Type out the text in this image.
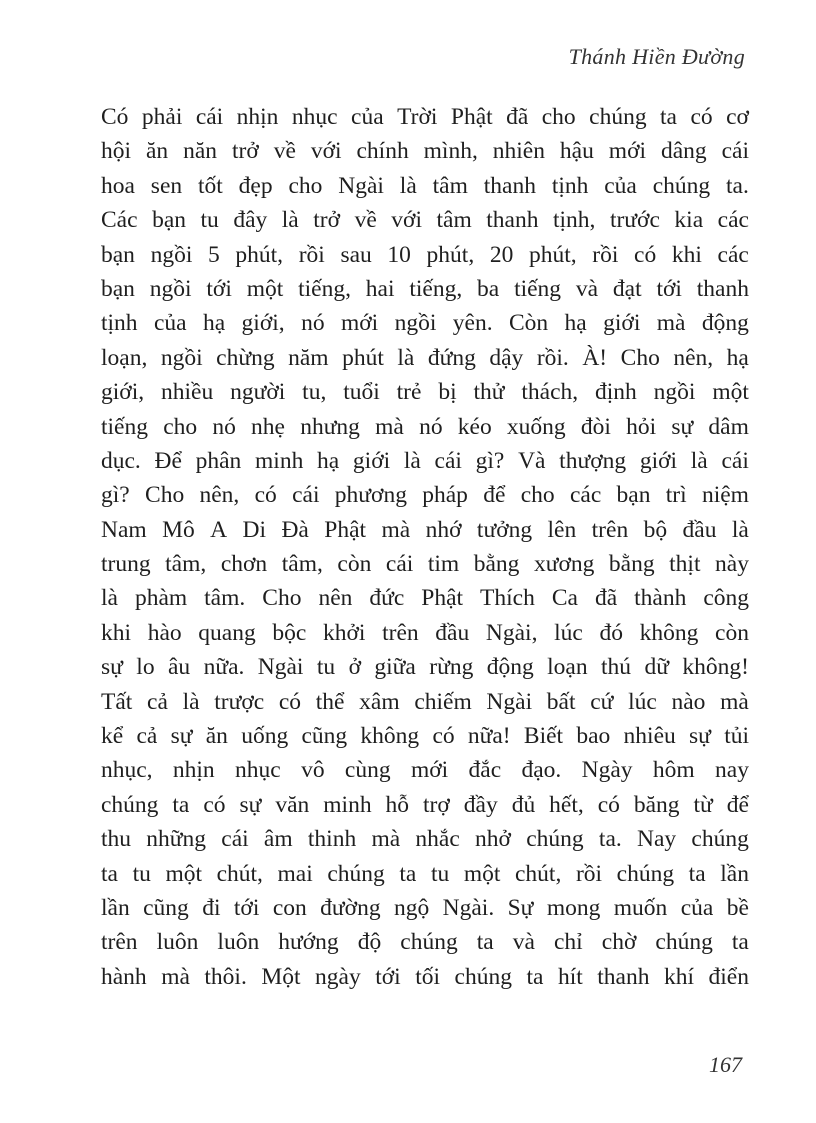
Thánh Hiền Đường
Có phải cái nhịn nhục của Trời Phật đã cho chúng ta có cơ
hội ăn năn trở về với chính mình, nhiên hậu mới dâng cái
hoa sen tốt đẹp cho Ngài là tâm thanh tịnh của chúng ta.
Các bạn tu đây là trở về với tâm thanh tịnh, trước kia các
bạn ngồi 5 phút, rồi sau 10 phút, 20 phút, rồi có khi các
bạn ngồi tới một tiếng, hai tiếng, ba tiếng và đạt tới thanh
tịnh của hạ giới, nó mới ngồi yên. Còn hạ giới mà động
loạn, ngồi chừng năm phút là đứng dậy rồi. À! Cho nên, hạ
giới, nhiều người tu, tuổi trẻ bị thử thách, định ngồi một
tiếng cho nó nhẹ nhưng mà nó kéo xuống đòi hỏi sự dâm
dục. Để phân minh hạ giới là cái gì? Và thượng giới là cái
gì? Cho nên, có cái phương pháp để cho các bạn trì niệm
Nam Mô A Di Đà Phật mà nhớ tưởng lên trên bộ đầu là
trung tâm, chơn tâm, còn cái tim bằng xương bằng thịt này
là phàm tâm. Cho nên đức Phật Thích Ca đã thành công
khi hào quang bộc khởi trên đầu Ngài, lúc đó không còn
sự lo âu nữa. Ngài tu ở giữa rừng động loạn thú dữ không!
Tất cả là trược có thể xâm chiếm Ngài bất cứ lúc nào mà
kể cả sự ăn uống cũng không có nữa! Biết bao nhiêu sự tủi
nhục, nhịn nhục vô cùng mới đắc đạo. Ngày hôm nay
chúng ta có sự văn minh hỗ trợ đầy đủ hết, có băng từ để
thu những cái âm thinh mà nhắc nhở chúng ta. Nay chúng
ta tu một chút, mai chúng ta tu một chút, rồi chúng ta lần
lần cũng đi tới con đường ngộ Ngài. Sự mong muốn của bề
trên luôn luôn hướng độ chúng ta và chỉ chờ chúng ta
hành mà thôi. Một ngày tới tối chúng ta hít thanh khí điển
167
